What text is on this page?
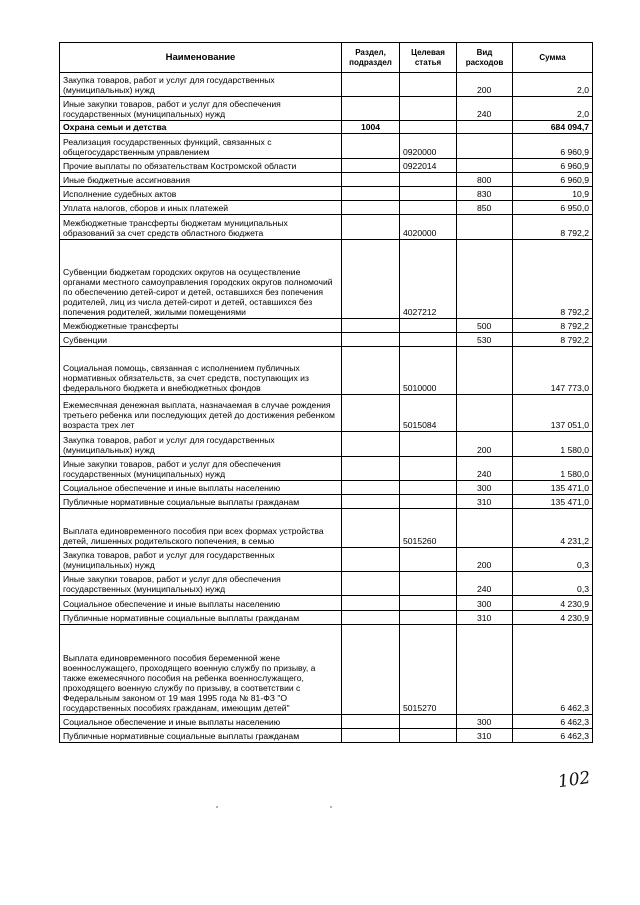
Наименование	Раздел, подраздел	Целевая статья	Вид расходов	Сумма
Закупка товаров, работ и услуг для государственных (муниципальных) нужд			200	2,0
Иные закупки товаров, работ и услуг для обеспечения государственных (муниципальных) нужд			240	2,0
Охрана семьи и детства	1004			684 094,7
Реализация государственных функций, связанных с общегосударственным управлением		0920000		6 960,9
Прочие выплаты по обязательствам Костромской области		0922014		6 960,9
Иные бюджетные ассигнования			800	6 960,9
Исполнение судебных актов			830	10,9
Уплата налогов, сборов и иных платежей			850	6 950,0
Межбюджетные трансферты бюджетам муниципальных образований за счет средств областного бюджета		4020000		8 792,2
Субвенции бюджетам городских округов на осуществление органами местного самоуправления городских округов полномочий по обеспечению детей-сирот и детей, оставшихся без попечения родителей, лиц из числа детей-сирот и детей, оставшихся без попечения родителей, жилыми помещениями		4027212		8 792,2
Межбюджетные трансферты			500	8 792,2
Субвенции			530	8 792,2
Социальная помощь, связанная с исполнением публичных нормативных обязательств, за счет средств, поступающих из федерального бюджета и внебюджетных фондов		5010000		147 773,0
Ежемесячная денежная выплата, назначаемая в случае рождения третьего ребенка или последующих детей до достижения ребенком возраста трех лет		5015084		137 051,0
Закупка товаров, работ и услуг для государственных (муниципальных) нужд			200	1 580,0
Иные закупки товаров, работ и услуг для обеспечения государственных (муниципальных) нужд			240	1 580,0
Социальное обеспечение и иные выплаты населению			300	135 471,0
Публичные нормативные социальные выплаты гражданам			310	135 471,0
Выплата единовременного пособия при всех формах устройства детей, лишенных родительского попечения, в семью		5015260		4 231,2
Закупка товаров, работ и услуг для государственных (муниципальных) нужд			200	0,3
Иные закупки товаров, работ и услуг для обеспечения государственных (муниципальных) нужд			240	0,3
Социальное обеспечение и иные выплаты населению			300	4 230,9
Публичные нормативные социальные выплаты гражданам			310	4 230,9
Выплата единовременного пособия беременной жене военнослужащего, проходящего военную службу по призыву, а также ежемесячного пособия на ребенка военнослужащего, проходящего военную службу по призыву, в соответствии с Федеральным законом от 19 мая 1995 года № 81-ФЗ "О государственных пособиях гражданам, имеющим детей"		5015270		6 462,3
Социальное обеспечение и иные выплаты населению			300	6 462,3
Публичные нормативные социальные выплаты гражданам			310	6 462,3
102
